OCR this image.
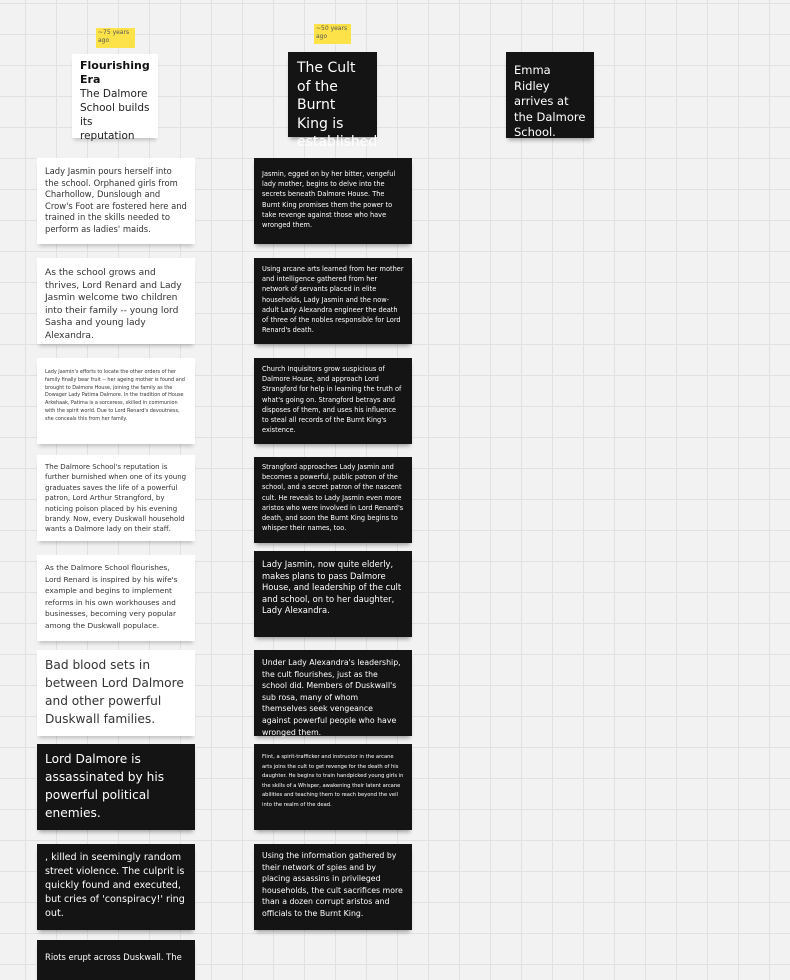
~75 years ago
~50 years ago
Flourishing Era
The Dalmore School builds its reputation
The Cult of the Burnt King is established
Emma Ridley arrives at the Dalmore School.
Lady Jasmin pours herself into the school. Orphaned girls from Charhollow, Dunslough and Crow's Foot are fostered here and trained in the skills needed to perform as ladies' maids.
As the school grows and thrives, Lord Renard and Lady Jasmin welcome two children into their family -- young lord Sasha and young lady Alexandra.
Lady Jasmin's efforts to locate the other orders of her family finally bear fruit -- her ageing mother is found and brought to Dalmore House, joining the family as the Dowager Lady Patima Dalmore. In the tradition of House Arkehaak, Patima is a sorceress, skilled in communion with the spirit world. Due to Lord Renard's devoutness, she conceals this from her family.
The Dalmore School's reputation is further burnished when one of its young graduates saves the life of a powerful patron, Lord Arthur Strangford, by noticing poison placed by his evening brandy. Now, every Duskwall household wants a Dalmore lady on their staff.
As the Dalmore School flourishes, Lord Renard is inspired by his wife's example and begins to implement reforms in his own workhouses and businesses, becoming very popular among the Duskwall populace.
Bad blood sets in between Lord Dalmore and other powerful Duskwall families.
Lord Dalmore is assassinated by his powerful political enemies.
, killed in seemingly random street violence. The culprit is quickly found and executed, but cries of 'conspiracy!' ring out.
Riots erupt across Duskwall. The
Jasmin, egged on by her bitter, vengeful lady mother, begins to delve into the secrets beneath Dalmore House. The Burnt King promises them the power to take revenge against those who have wronged them.
Using arcane arts learned from her mother and intelligence gathered from her network of servants placed in elite households, Lady Jasmin and the now-adult Lady Alexandra engineer the death of three of the nobles responsible for Lord Renard's death.
Church Inquisitors grow suspicious of Dalmore House, and approach Lord Strangford for help in learning the truth of what's going on. Strangford betrays and disposes of them, and uses his influence to steal all records of the Burnt King's existence.
Strangford approaches Lady Jasmin and becomes a powerful, public patron of the school, and a secret patron of the nascent cult. He reveals to Lady Jasmin even more aristos who were involved in Lord Renard's death, and soon the Burnt King begins to whisper their names, too.
Lady Jasmin, now quite elderly, makes plans to pass Dalmore House, and leadership of the cult and school, on to her daughter, Lady Alexandra.
Under Lady Alexandra's leadership, the cult flourishes, just as the school did. Members of Duskwall's sub rosa, many of whom themselves seek vengeance against powerful people who have wronged them.
Flint, a spirit-trafficker and instructor in the arcane arts joins the cult to get revenge for the death of his daughter. He begins to train handpicked young girls in the skills of a Whisper, awakening their latent arcane abilities and teaching them to reach beyond the veil into the realm of the dead.
Using the information gathered by their network of spies and by placing assassins in privileged households, the cult sacrifices more than a dozen corrupt aristos and officials to the Burnt King.
